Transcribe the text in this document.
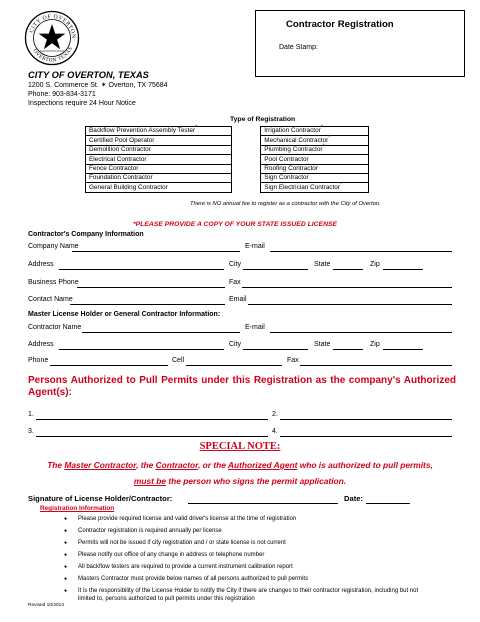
CITY OF OVERTON
OVERTON TEXAS
CITY OF OVERTON, TEXAS
1200 S. Commerce St. ✶ Overton, TX 75684
Phone: 903-834-3171
Inspections require 24 Hour Notice
Contractor Registration
Date Stamp:
Type of Registration
Backflow Prevention Assembly Tester*		Irrigation Contractor*
Certified Pool Operator		Mechanical Contractor*
Demolition Contractor		Plumbing Contractor*
Electrical Contractor*		Pool Contractor
Fence Contractor		Roofing Contractor
Foundation Contractor		Sign Contractor
General Building Contractor		Sign Electrician Contractor*
There is NO annual fee to register as a contractor with the City of Overton.
*PLEASE PROVIDE A COPY OF YOUR STATE ISSUED LICENSE
Contractor's Company Information
Company Name	E-mail
Address	City	State	Zip
Business Phone	Fax
Contact Name	Email
Master License Holder or General Contractor Information:
Contractor Name	E-mail
Address	City	State	Zip
Phone	Cell	Fax
Persons Authorized to Pull Permits under this Registration as the company's Authorized Agent(s):
1.	2.
3.	4.
SPECIAL NOTE:
The Master Contractor, the Contractor, or the Authorized Agent who is authorized to pull permits, must be the person who signs the permit application.
Signature of License Holder/Contractor:	Date:
Registration Information
● Please provide required license and valid driver's license at the time of registration
● Contractor registration is required annually per license
● Permits will not be issued if city registration and / or state license is not current
● Please notify our office of any change in address or telephone number
● All backflow testers are required to provide a current instrument calibration report
● Masters Contractor must provide below names of all persons authorized to pull permits
● It is the responsibility of the License Holder to notify the City if there are changes to their contractor registration, including but not limited to, persons authorized to pull permits under this registration
Revised 10/2014
